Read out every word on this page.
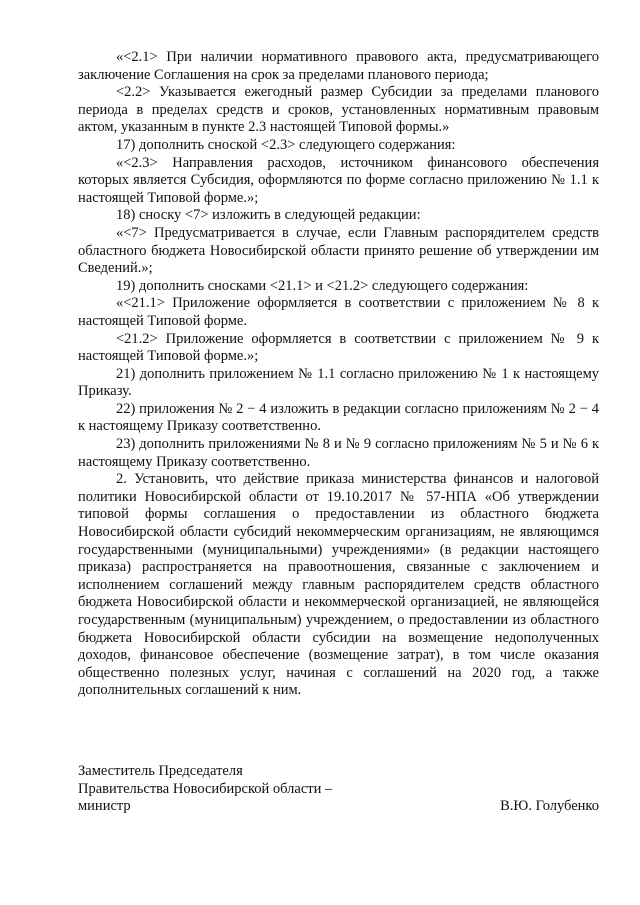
«<2.1> При наличии нормативного правового акта, предусматривающего заключение Соглашения на срок за пределами планового периода;

<2.2> Указывается ежегодный размер Субсидии за пределами планового периода в пределах средств и сроков, установленных нормативным правовым актом, указанным в пункте 2.3 настоящей Типовой формы.»

17) дополнить сноской <2.3> следующего содержания:

«<2.3> Направления расходов, источником финансового обеспечения которых является Субсидия, оформляются по форме согласно приложению № 1.1 к настоящей Типовой форме.»;

18) сноску <7> изложить в следующей редакции:

«<7> Предусматривается в случае, если Главным распорядителем средств областного бюджета Новосибирской области принято решение об утверждении им Сведений.»;

19) дополнить сносками <21.1> и <21.2> следующего содержания:

«<21.1> Приложение оформляется в соответствии с приложением № 8 к настоящей Типовой форме.

<21.2> Приложение оформляется в соответствии с приложением № 9 к настоящей Типовой форме.»;

21) дополнить приложением № 1.1 согласно приложению № 1 к настоящему Приказу.

22) приложения № 2 − 4 изложить в редакции согласно приложениям № 2 − 4 к настоящему Приказу соответственно.

23) дополнить приложениями № 8 и № 9 согласно приложениям № 5 и № 6 к настоящему Приказу соответственно.

2. Установить, что действие приказа министерства финансов и налоговой политики Новосибирской области от 19.10.2017 № 57-НПА «Об утверждении типовой формы соглашения о предоставлении из областного бюджета Новосибирской области субсидий некоммерческим организациям, не являющимся государственными (муниципальными) учреждениями» (в редакции настоящего приказа) распространяется на правоотношения, связанные с заключением и исполнением соглашений между главным распорядителем средств областного бюджета Новосибирской области и некоммерческой организацией, не являющейся государственным (муниципальным) учреждением, о предоставлении из областного бюджета Новосибирской области субсидии на возмещение недополученных доходов, финансовое обеспечение (возмещение затрат), в том числе оказания общественно полезных услуг, начиная с соглашений на 2020 год, а также дополнительных соглашений к ним.

Заместитель Председателя

Правительства Новосибирской области –

министр	В.Ю. Голубенко
